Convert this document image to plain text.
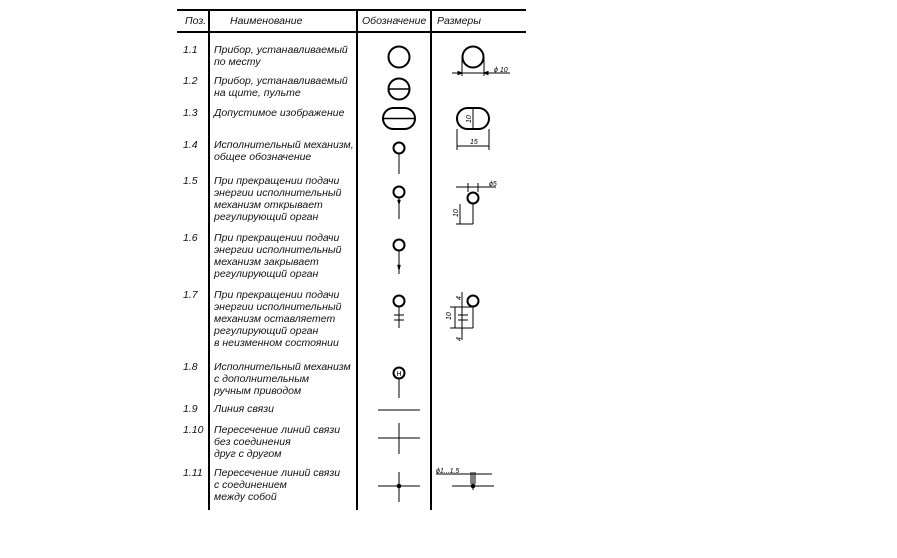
Поз. Наименование	Обозначение Размеры
1.1 Прибор, устанавливаемый
по месту
1.2 Прибор, устанавливаемый
на щите, пульте
1.3 Допустимое изображение
1.4 Исполнительный механизм,
общее обозначение
1.5 При прекращении подачи
энергии исполнительный
механизм открывает
регулирующий орган
1.6 При прекращении подачи
энергии исполнительный
механизм закрывает
регулирующий орган
1.7 При прекращении подачи
энергии исполнительный
механизм оставляетет
регулирующий орган
в неизменном состоянии
1.8 Исполнительный механизм
с дополнительным
ручным приводом
1.9 Линия связи
1.10 Пересечение линий связи
без соединения
друг с другом
1.11 Пересечение линий связи
с соединением
между собой
H
ϕ 10
10
15
ϕ5
10
4
10
4
ϕ1...1,5
